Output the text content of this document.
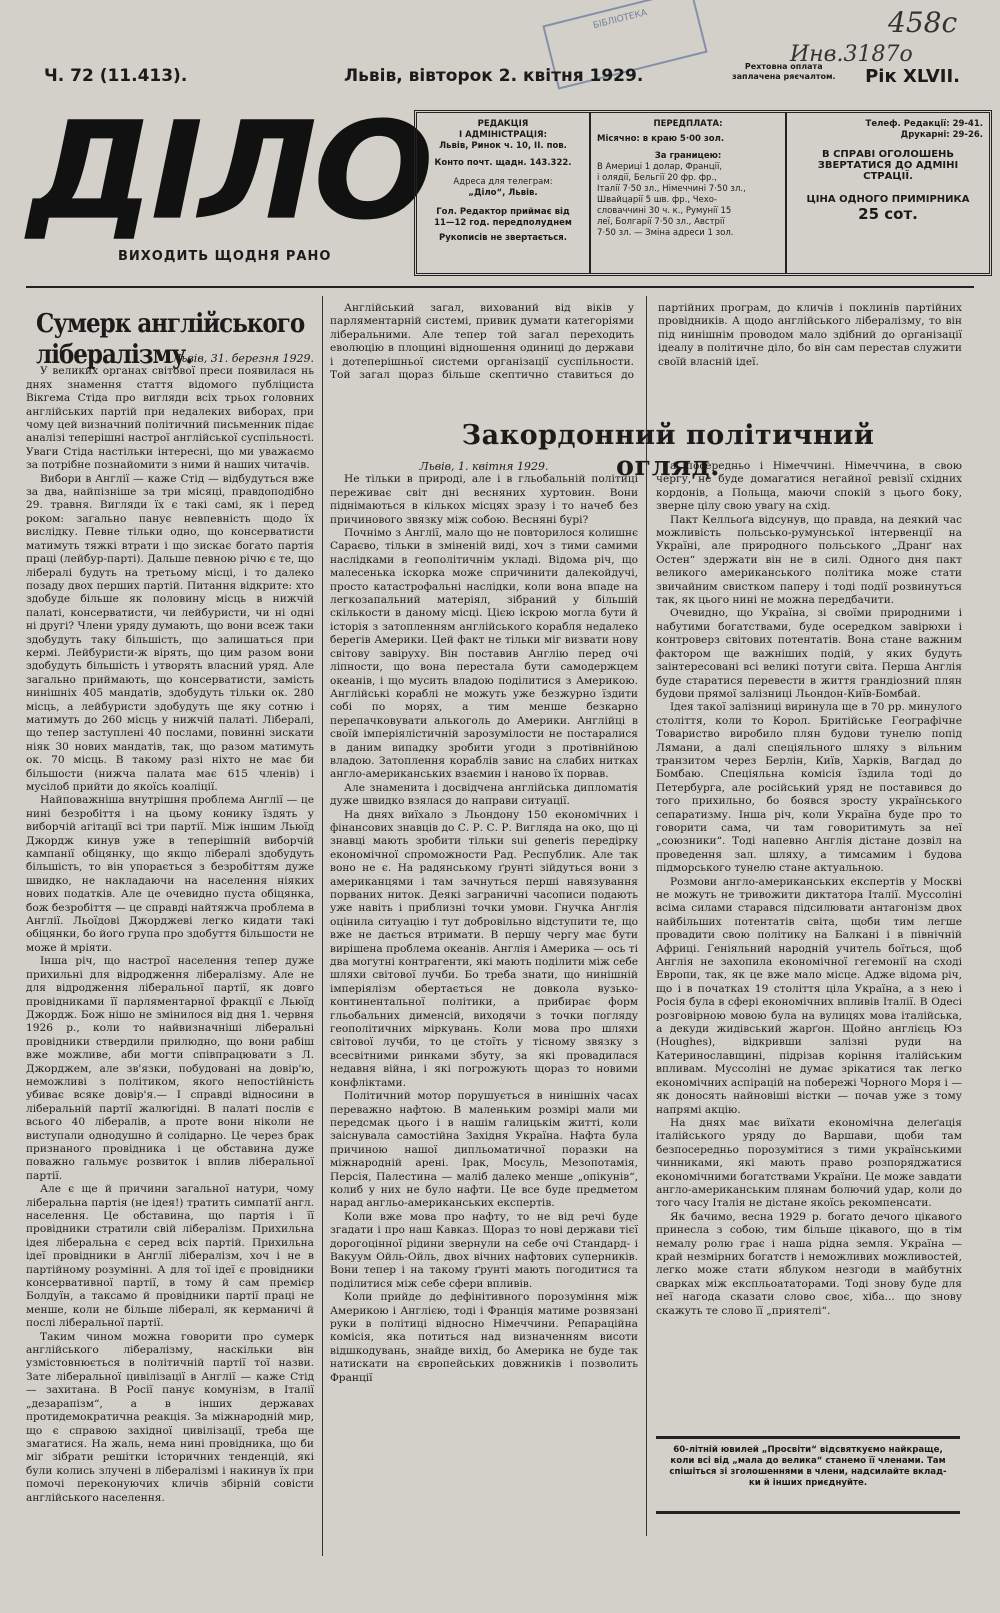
БІБЛІОТЕКА	458с
Инв.3187о
Ч. 72 (11.413).	Львів, вівторок 2. квітня 1929.	Рехтовна оплата
заплачена ряєчалтом. Рік XLVII.
ДІЛО
ВИХОДИТЬ ЩОДНЯ РАНО
РЕДАКЦІЯ
І АДМІНІСТРАЦІЯ:
Львів, Ринок ч. 10, ІІ. пов.
Конто почт. щадн. 143.322.
Адреса для телеграм:
„Діло“, Львів.
Гол. Редактор приймає від
11—12 год. передполуднем
Рукописів не звертається.
ПЕРЕДПЛАТА:
Місячно: в краю 5·00 зол.
За границею:
В Америці 1 долар, Франції,
і олядії, Бельгії 20 фр. фр.,
Італії 7·50 зл., Німеччині 7·50 зл.,
Швайцарії 5 шв. фр., Чехо-
словаччині 30 ч. к., Румунії 15
леї, Болгарії 7·50 зл., Австрії
7·50 зл. — Зміна адреси 1 зол.
Телеф. Редакції: 29-41.
Друкарні: 29-26.
В СПРАВІ ОГОЛОШЕНЬ
ЗВЕРТАТИСЯ ДО АДМІНІ
СТРАЦІЇ.
ЦІНА ОДНОГО ПРИМІРНИКА
25 сот.
Сумерк англійського лібералізму.
Львів, 31. березня 1929.

У великих органах світової преси появилася нь днях знамення стаття відомого публіциста Вікгема Стіда про вигляди всіх трьох головних англійських партій при недалеких виборах, при чому цей визначний політичний письменник підає аналізі теперішні настрої англійської суспільності. Уваги Стіда настільки інтересні, що ми уважаємо за потрібне познайомити з ними й наших читачів.

Вибори в Англії — каже Стід — відбудуться вже за два, найпізніше за три місяці, правдоподібно 29. травня. Вигляди їх є такі самі, як і перед роком: загально панує невпевність щодо їх вислідку. Певне тільки одно, що консерватисти матимуть тяжкі втрати і що зискає богато партія праці (лейбур-парті). Дальше певною річю є те, що лібералі будуть на третьому місці, і то далеко позаду двох перших партій. Питання відкрите: хто здобуде більше як половину місць в нижчій палаті, консерватисти, чи лейбуристи, чи ні одні ні другі? Члени уряду думають, що вони всеж таки здобудуть таку більшість, що залишаться при кермі. Лейбуристи-ж вірять, що цим разом вони здобудуть більшість і утворять власний уряд. Але загально приймають, що консерватисти, замість нинішніх 405 мандатів, здобудуть тільки ок. 280 місць, а лейбуристи здобудуть ще яку сотню і матимуть до 260 місць у нижчій палаті. Лібералі, що тепер заступлені 40 послами, повинні зискати ніяк 30 нових мандатів, так, що разом матимуть ок. 70 місць. В такому разі ніхто не має би більшости (нижча палата має 615 членів) і мусілоб прийти до якоїсь коаліції.

Найповажніша внутрішня проблема Англії — це нині безробіття і на цьому конику їздять у виборчій агітації всі три партії. Між іншим Льюїд Джордж кинув уже в теперішній виборчій кампанії обіцянку, що якщо лібералі здобудуть більшість, то він упорається з безробіттям дуже швидко, не накладаючи на населення ніяких нових податків. Але це очевидно пуста обіцянка, бож безробіття — це справді найтяжча проблема в Англії. Льоїдові Джорджеві легко кидати такі обіцянки, бо його група про здобуття більшости не може й мріяти.

Інша річ, що настрої населення тепер дуже прихильні для відродження лібералізму. Але не для відродження ліберальної партії, як довго провідниками її парляментарної фракції є Льюїд Джордж. Бож нішо не змінилося від дня 1. червня 1926 р., коли то найвизначніші ліберальні провідники ствердили прилюдно, що вони рабіш вже можливе, аби могти співпрацювати з Л. Джорджем, але зв'язки, побудовані на довір'ю, неможливі з політиком, якого непостійність убиває всяке довір'я.— І справді відносини в ліберальній партії жалюгідні. В палаті послів є всього 40 лібералів, а проте вони ніколи не виступали однодушно й солідарно. Це через брак признаного провідника і це обставина дуже поважно гальмує розвиток і вплив ліберальної партії.

Але є ще й причини загальної натури, чому ліберальна партія (не ідея!) тратить симпатії англ. населення. Це обставина, що партія і її провідники стратили свій лібералізм. Прихильна ідея ліберальна є серед всіх партій. Прихильна ідеї провідники в Англії лібералізм, хоч і не в партійному розумінні. А для тої ідеї є провідники консервативної партії, в тому й сам премієр Болдуїн, а таксамо й провідники партії праці не менше, коли не більше лібералі, як керманичі й послі ліберальної партії.

Таким чином можна говорити про сумерк англійського лібералізму, наскільки він узмістовнюється в політичній партії тої назви. Зате ліберальної цивілізації в Англії — каже Стід — захитана. В Росії панує комунізм, в Італії „дезарапізм“, а в інших державах протидемократична реакція. За міжнародній мир, що є справою західної цивілізації, треба ще змагатися. На жаль, нема нині провідника, що би міг зібрати решітки історичних тенденцій, які були колись злучені в лібералізмі і накинув їх при помочі переконуючих кличів збірній совісти англійського населення.

Англійський загал, вихований від віків у парляментарній системі, привик думати категоріями ліберальними. Але тепер той загал переходить еволюцію в площині відношення одиниці до держави і дотеперішньої системи організації суспільности. Той загал щораз більше скептично ставиться до партійних програм, до кличів і поклинів партійних провідників. А щодо англійського лібералізму, то він під нинішнім проводом мало здібний до організації ідеалу в політичне діло, бо він сам перестав служити своїй власній ідеї.

Закордонний політичний огляд.
Львів, 1. квітня 1929.

Не тільки в природі, але і в гльобальній політиці переживає світ дні весняних хуртовин. Вони піднімаються в кількох місцях зразу і то начеб без причинового звязку між собою. Весняні бурі?

Почнімо з Англії, мало що не повторилося колишнє Сараєво, тільки в зміненій виді, хоч з тими самими наслідками в геополітичнім укладі. Відома річ, що малесенька іскорка може спричинити далекойдучі, просто катастрофальні наслідки, коли вона впаде на легкозапальний матеріял, зібраний у більшій скількости в даному місці. Цією іскрою могла бути й історія з затопленням англійського корабля недалеко берегів Америки. Цей факт не тільки міг визвати нову світову завіруху. Він поставив Англію перед очі ліпности, що вона перестала бути самодержцем океанів, і що мусить владою поділитися з Америкою. Англійські кораблі не можуть уже безжурно їздити собі по морях, а тим менше безкарно перепачковувати алькоголь до Америки. Англійці в своїй імперіялістичній зарозумілости не постаралися в даним випадку зробити угоди з протівнійною владою. Затоплення кораблів завис на слабих нитках англо-американських взаємин і наново їх порвав.

Але знаменита і досвідчена англійська дипломатія дуже швидко взялася до направи ситуації.

На днях виїхало з Льондону 150 економічних і фінансових знавців до С. Р. С. Р. Вигляда на око, що ці знавці мають зробити тільки sui generis передірку економічної спроможности Рад. Республик. Але так воно не є. На радянському ґрунті зійдуться вони з американцями і там зачнуться перші навязування порваних ниток. Деякі заграничні часописи подають уже навіть і приблизні точки умови. Гнучка Англія оцінила ситуацію і тут добровільно відступити те, що вже не дається втримати. В першу чергу має бути вирішена проблема океанів. Англія і Америка — ось ті два могутні контрагенти, які мають поділити між себе шляхи світової лучби. Бо треба знати, що нинішній імперіялізм обертається не довкола вузько-континентальної політики, а прибирає форм гльобальних дименсій, виходячи з точки погляду геополітичних міркувань. Коли мова про шляхи світової лучби, то це стоїть у тісному звязку з всесвітними ринками збуту, за які провадилася недавня війна, і які погрожують щораз то новими конфліктами.

Політичний мотор порушується в нинішніх часах переважно нафтою. В маленьким розмірі мали ми передсмак цього і в нашім галицькім житті, коли заіснувала самостійна Західня Україна. Нафта була причиною нашої дипльоматичної поразки на міжнародній арені. Ірак, Мосуль, Мезопотамія, Персія, Палестина — маліб далеко менше „опікунів“, колиб у них не було нафти. Це все буде предметом нарад англьо-американських експертів.

Коли вже мова про нафту, то не від речі буде згадати і про наш Кавказ. Щораз то нові держави тієї дорогоцінної рідини звернули на себе очі Стандард- і Вакуум Ойль-Ойль, двох вічних нафтових суперників. Вони тепер і на такому ґрунті мають погодитися та поділитися між себе сфери впливів.

Коли прийде до дефінітивного порозуміння між Америкою і Англією, тоді і Франція матиме розвязані руки в політиці відносно Німеччини. Репараційна комісія, яка потиться над визначенням висоти відшкодувань, знайде вихід, бо Америка не буде так натискати на європейських довжників і позволить Франції

а посередньо і Німеччині. Німеччина, в свою чергу, не буде домагатися негайної ревізії східних кордонів, а Польща, маючи спокій з цього боку, зверне цілу свою увагу на схід.

Пакт Келльоґа відсунув, що правда, на деякий час можливість польсько-румунської інтервенції на Україні, але природного польського „Дранґ нах Остен“ здержати він не в силі. Одного дня пакт великого американського політика може стати звичайним свистком паперу і тоді події розвинуться так, як цього нині не можна передбачити.

Очевидно, що Україна, зі своїми природними і набутими богатствами, буде осередком завірюхи і контроверз світових потентатів. Вона стане важним фактором ще важніших подій, у яких будуть заінтересовані всі великі потуги світа. Перша Англія буде старатися перевести в життя грандіозний плян будови прямої залізниці Льондон-Київ-Бомбай.

Ідея такої залізниці виринула ще в 70 рр. минулого століття, коли то Корол. Бритійське Географічне Товариство виробило плян будови тунелю попід Лямани, а далі спеціяльного шляху з вільним транзитом через Берлін, Київ, Харків, Вагдад до Бомбаю. Спеціяльна комісія їздила тоді до Петербурга, але російський уряд не поставився до того прихильно, бо боявся зросту українського сепаратизму. Інша річ, коли Україна буде про то говорити сама, чи там говоритимуть за неї „союзники“. Тоді напевно Англія дістане дозвіл на проведення зал. шляху, а тимсамим і будова підморського тунелю стане актуальною.

Розмови англо-американських експертів у Москві не можуть не тривожити диктатора Італії. Муссоліні всіма силами старався підсилювати антагонізм двох найбільших потентатів світа, щоби тим легше провадити свою політику на Балкані і в північній Африці. Геніяльний народній учитель боїться, щоб Англія не захопила економічної гегемонії на сході Европи, так, як це вже мало місце. Адже відома річ, що і в початках 19 століття ціла Україна, а з нею і Росія була в сфері економічних впливів Італії. В Одесі розговірною мовою була на вулицях мова італійська, а декуди жидівський жарґон. Щойно англієць Юз (Houghes), відкривши залізні руди на Катеринославщині, підрізав коріння італійським впливам. Муссоліні не думає зрікатися так легко економічних аспірацій на побережі Чорного Моря і — як доносять найновіші вістки — почав уже з тому напрямі акцію.

На днях має виїхати економічна делеґація італійського уряду до Варшави, щоби там безпосередньо порозумітися з тими українськими чинниками, які мають право розпоряджатися економічними богатствами України. Це може завдати англо-американським плянам болючий удар, коли до того часу Італія не дістане якоїсь рекомпенсати.

Як бачимо, весна 1929 р. богато дечого цікавого принесла з собою, тим більше цікавого, що в тім немалу ролю грає і наша рідна земля. Україна — край незмірних богатств і неможливих можливостей, легко може стати яблуком незгоди в майбутніх сварках між експльоататорами. Тоді знову буде для неї нагода сказати слово своє, хіба... що знову скажуть те слово її „приятелі“.

60-літній ювилей „Просвіти“ відсвяткуємо найкраще,
коли всі від „мала до велика“ станемо її членами. Там
спішіться зі зголошеннями в члени, надсилайте вклад-
ки й інших приєднуйте.
